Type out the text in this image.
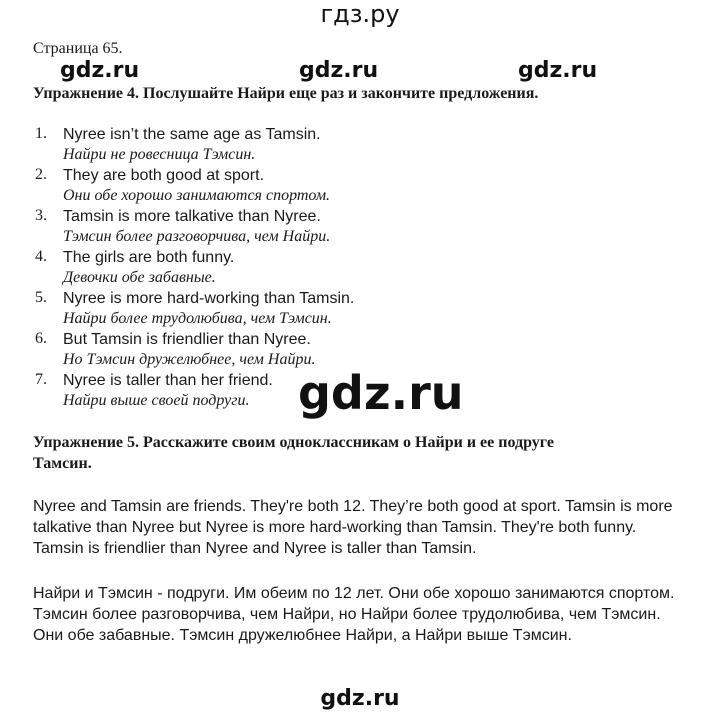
гдз.ру
gdz.ru	gdz.ru	gdz.ru
Страница 65.
Упражнение 4. Послушайте Найри еще раз и закончите предложения.
1. Nyree isn’t the same age as Tamsin.
Найри не ровесница Тэмсин.
2. They are both good at sport.
Они обе хорошо занимаются спортом.
3. Tamsin is more talkative than Nyree.
Тэмсин более разговорчива, чем Найри.
4. The girls are both funny.
Девочки обе забавные.
5. Nyree is more hard-working than Tamsin.
Найри более трудолюбива, чем Тэмсин.
6. But Tamsin is friendlier than Nyree.
Но Тэмсин дружелюбнее, чем Найри.
7. Nyree is taller than her friend.
Найри выше своей подруги. gdz.ru
Упражнение 5. Расскажите своим одноклассникам о Найри и ее подруге Тамсин.
Nyree and Tamsin are friends. They're both 12. They’re both good at sport. Tamsin is more talkative than Nyree but Nyree is more hard-working than Tamsin. They're both funny. Tamsin is friendlier than Nyree and Nyree is taller than Tamsin.
Найри и Тэмсин - подруги. Им обеим по 12 лет. Они обе хорошо занимаются спортом. Тэмсин более разговорчива, чем Найри, но Найри более трудолюбива, чем Тэмсин. Они обе забавные. Тэмсин дружелюбнее Найри, а Найри выше Тэмсин.
gdz.ru
